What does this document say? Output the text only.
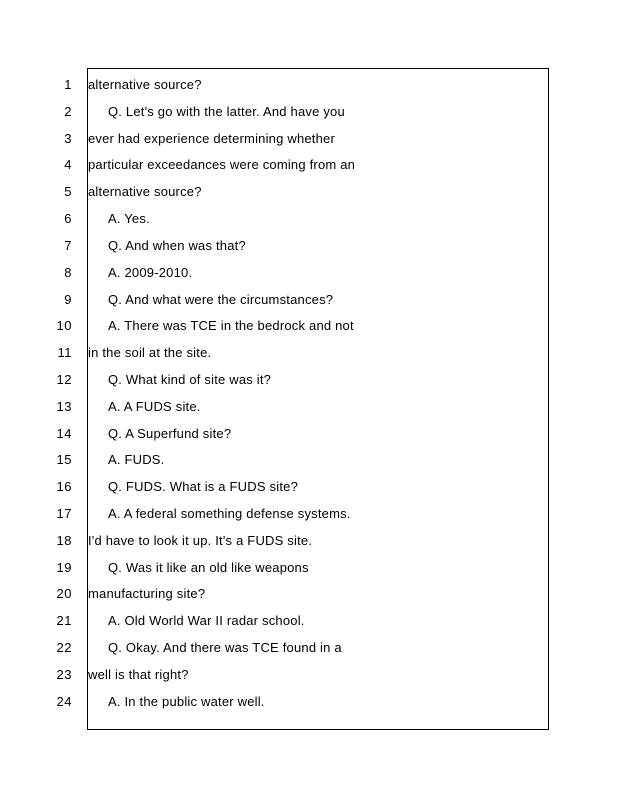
1 alternative source?
2	Q. Let's go with the latter. And have you
3 ever had experience determining whether
4 particular exceedances were coming from an
5 alternative source?
6	A. Yes.
7	Q. And when was that?
8	A. 2009-2010.
9	Q. And what were the circumstances?
10	A. There was TCE in the bedrock and not
11 in the soil at the site.
12	Q. What kind of site was it?
13	A. A FUDS site.
14	Q. A Superfund site?
15	A. FUDS.
16	Q. FUDS. What is a FUDS site?
17	A. A federal something defense systems.
18 I'd have to look it up. It's a FUDS site.
19	Q. Was it like an old like weapons
20 manufacturing site?
21	A. Old World War II radar school.
22	Q. Okay. And there was TCE found in a
23 well is that right?
24	A. In the public water well.
